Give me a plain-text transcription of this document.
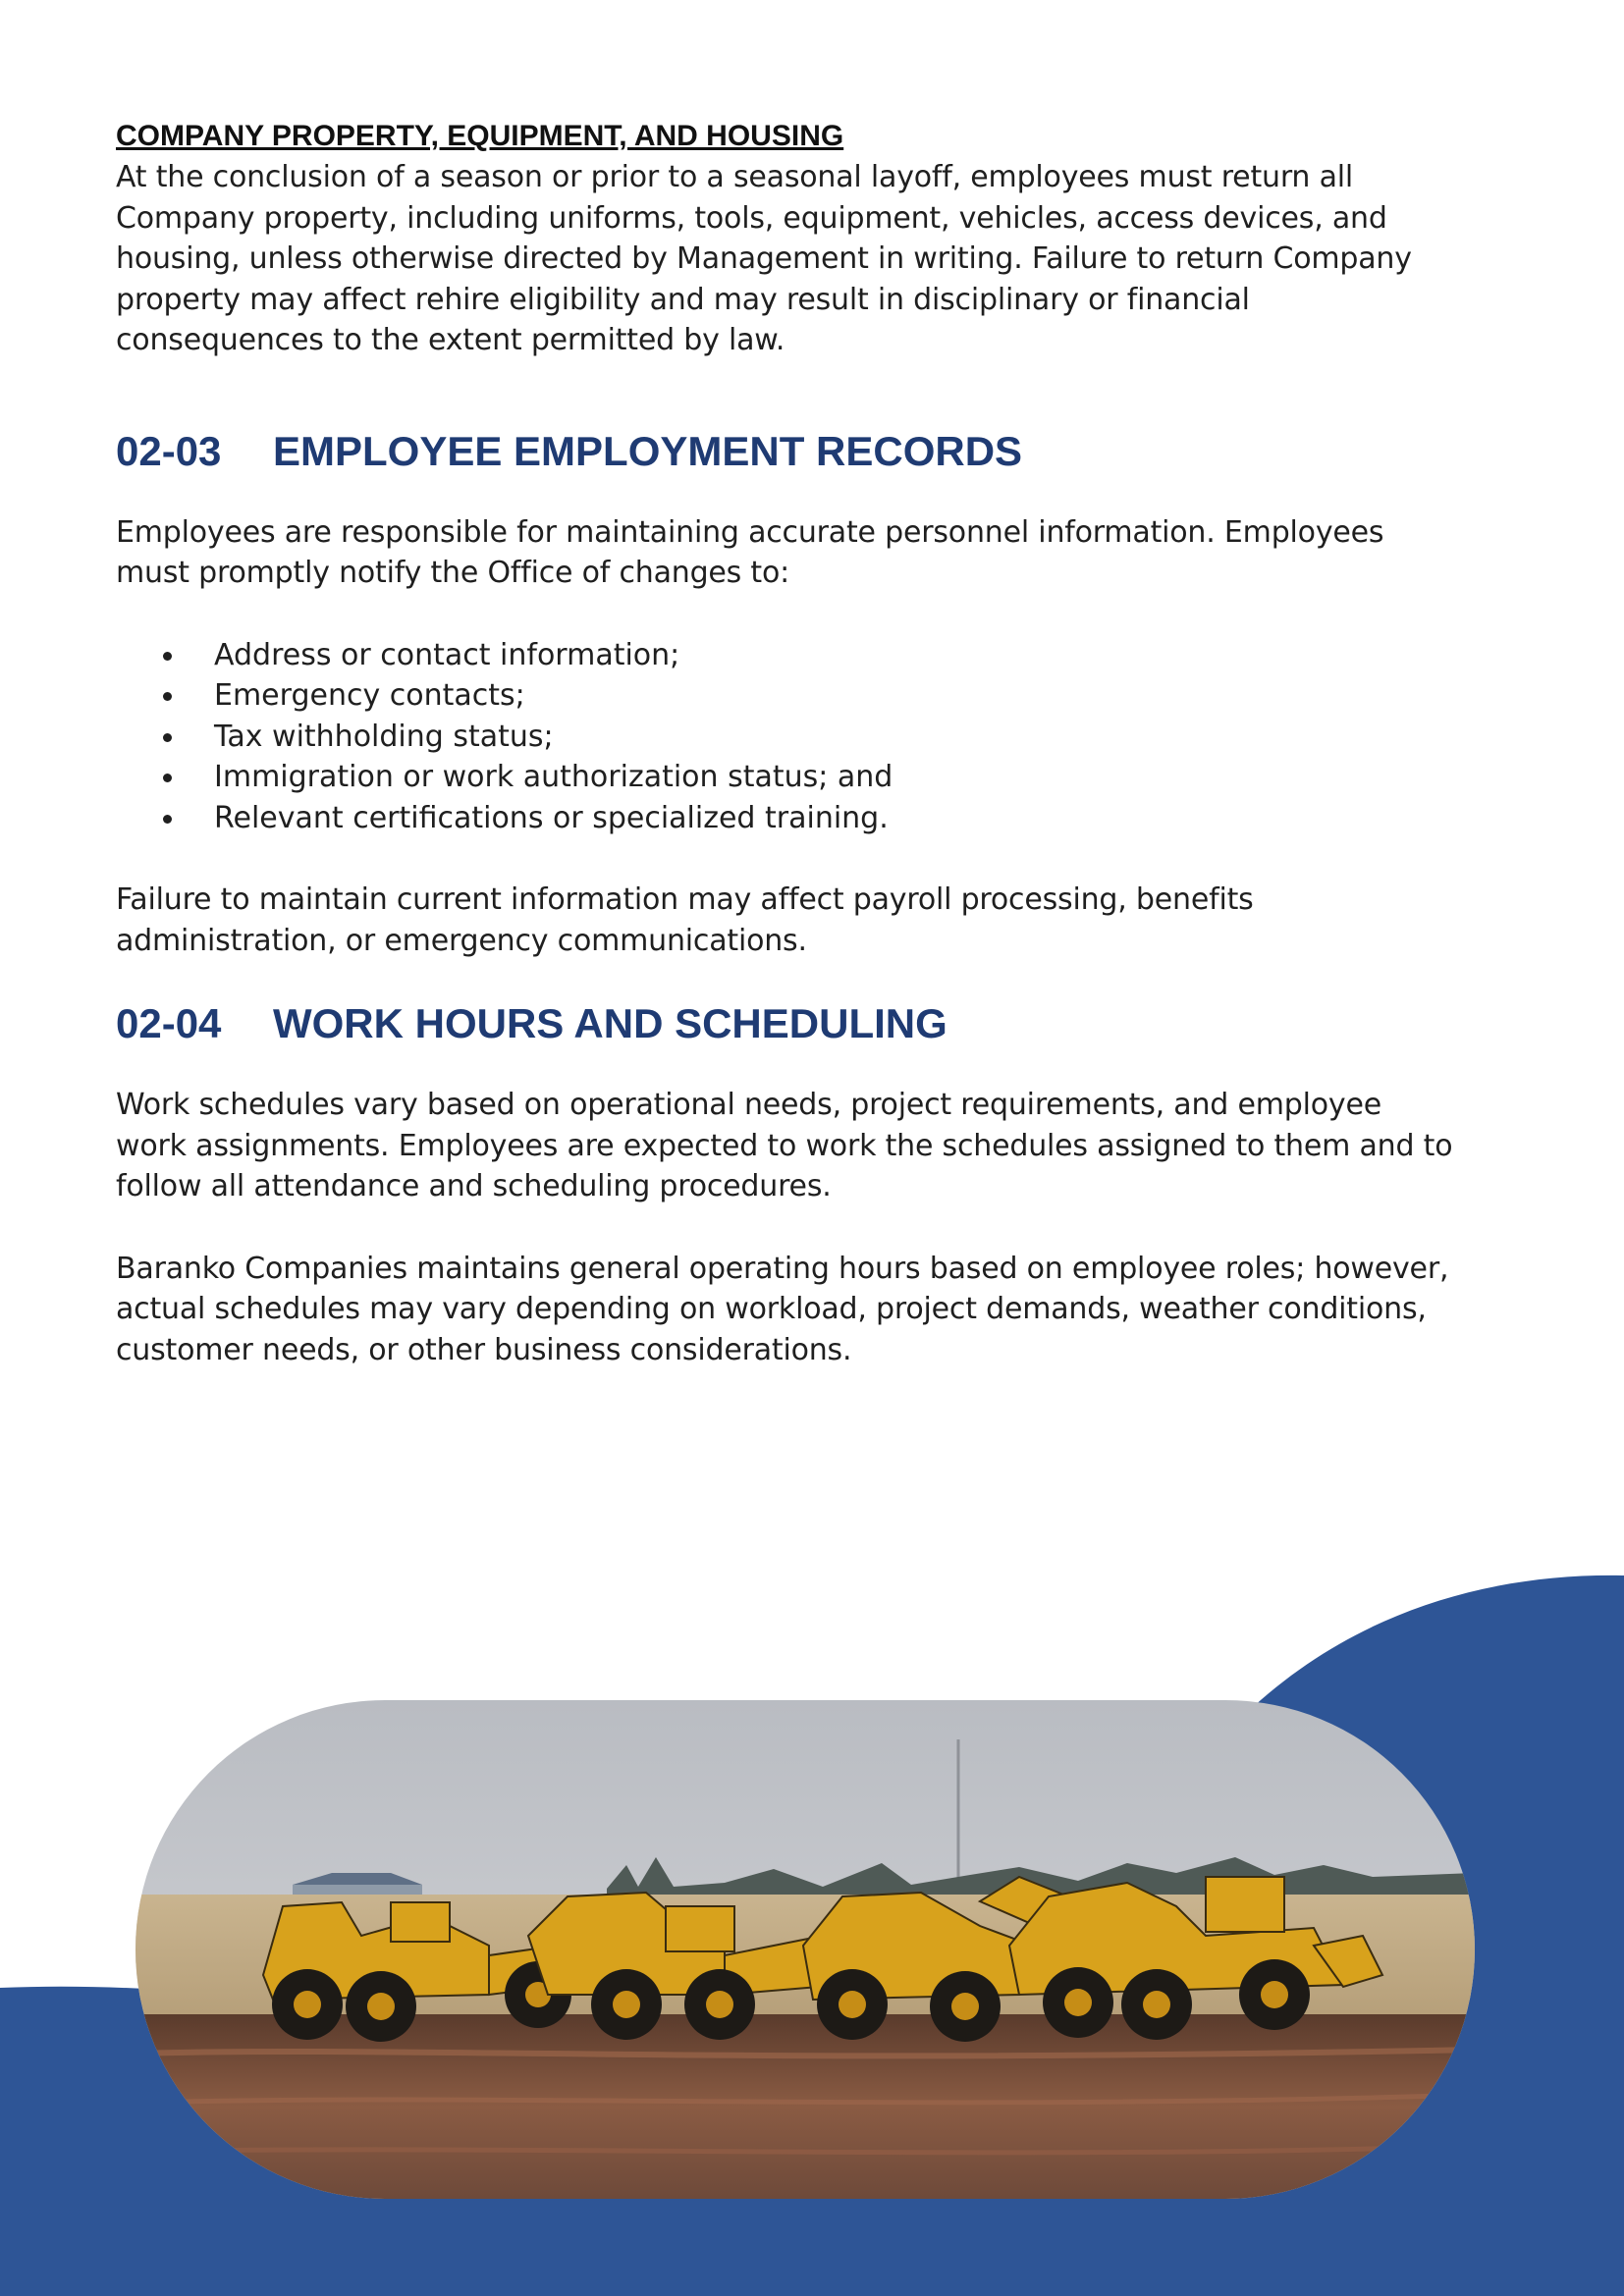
COMPANY PROPERTY, EQUIPMENT, AND HOUSING

At the conclusion of a season or prior to a seasonal layoff, employees must return all

Company property, including uniforms, tools, equipment, vehicles, access devices, and

housing, unless otherwise directed by Management in writing. Failure to return Company

property may affect rehire eligibility and may result in disciplinary or financial

consequences to the extent permitted by law.

02-03	EMPLOYEE EMPLOYMENT RECORDS

Employees are responsible for maintaining accurate personnel information. Employees

must promptly notify the Office of changes to:

Address or contact information;
Emergency contacts;
Tax withholding status;
Immigration or work authorization status; and
Relevant certifications or specialized training.

Failure to maintain current information may affect payroll processing, benefits

administration, or emergency communications.

02-04	WORK HOURS AND SCHEDULING

Work schedules vary based on operational needs, project requirements, and employee

work assignments. Employees are expected to work the schedules assigned to them and to

follow all attendance and scheduling procedures.

Baranko Companies maintains general operating hours based on employee roles; however,

actual schedules may vary depending on workload, project demands, weather conditions,

customer needs, or other business considerations.
